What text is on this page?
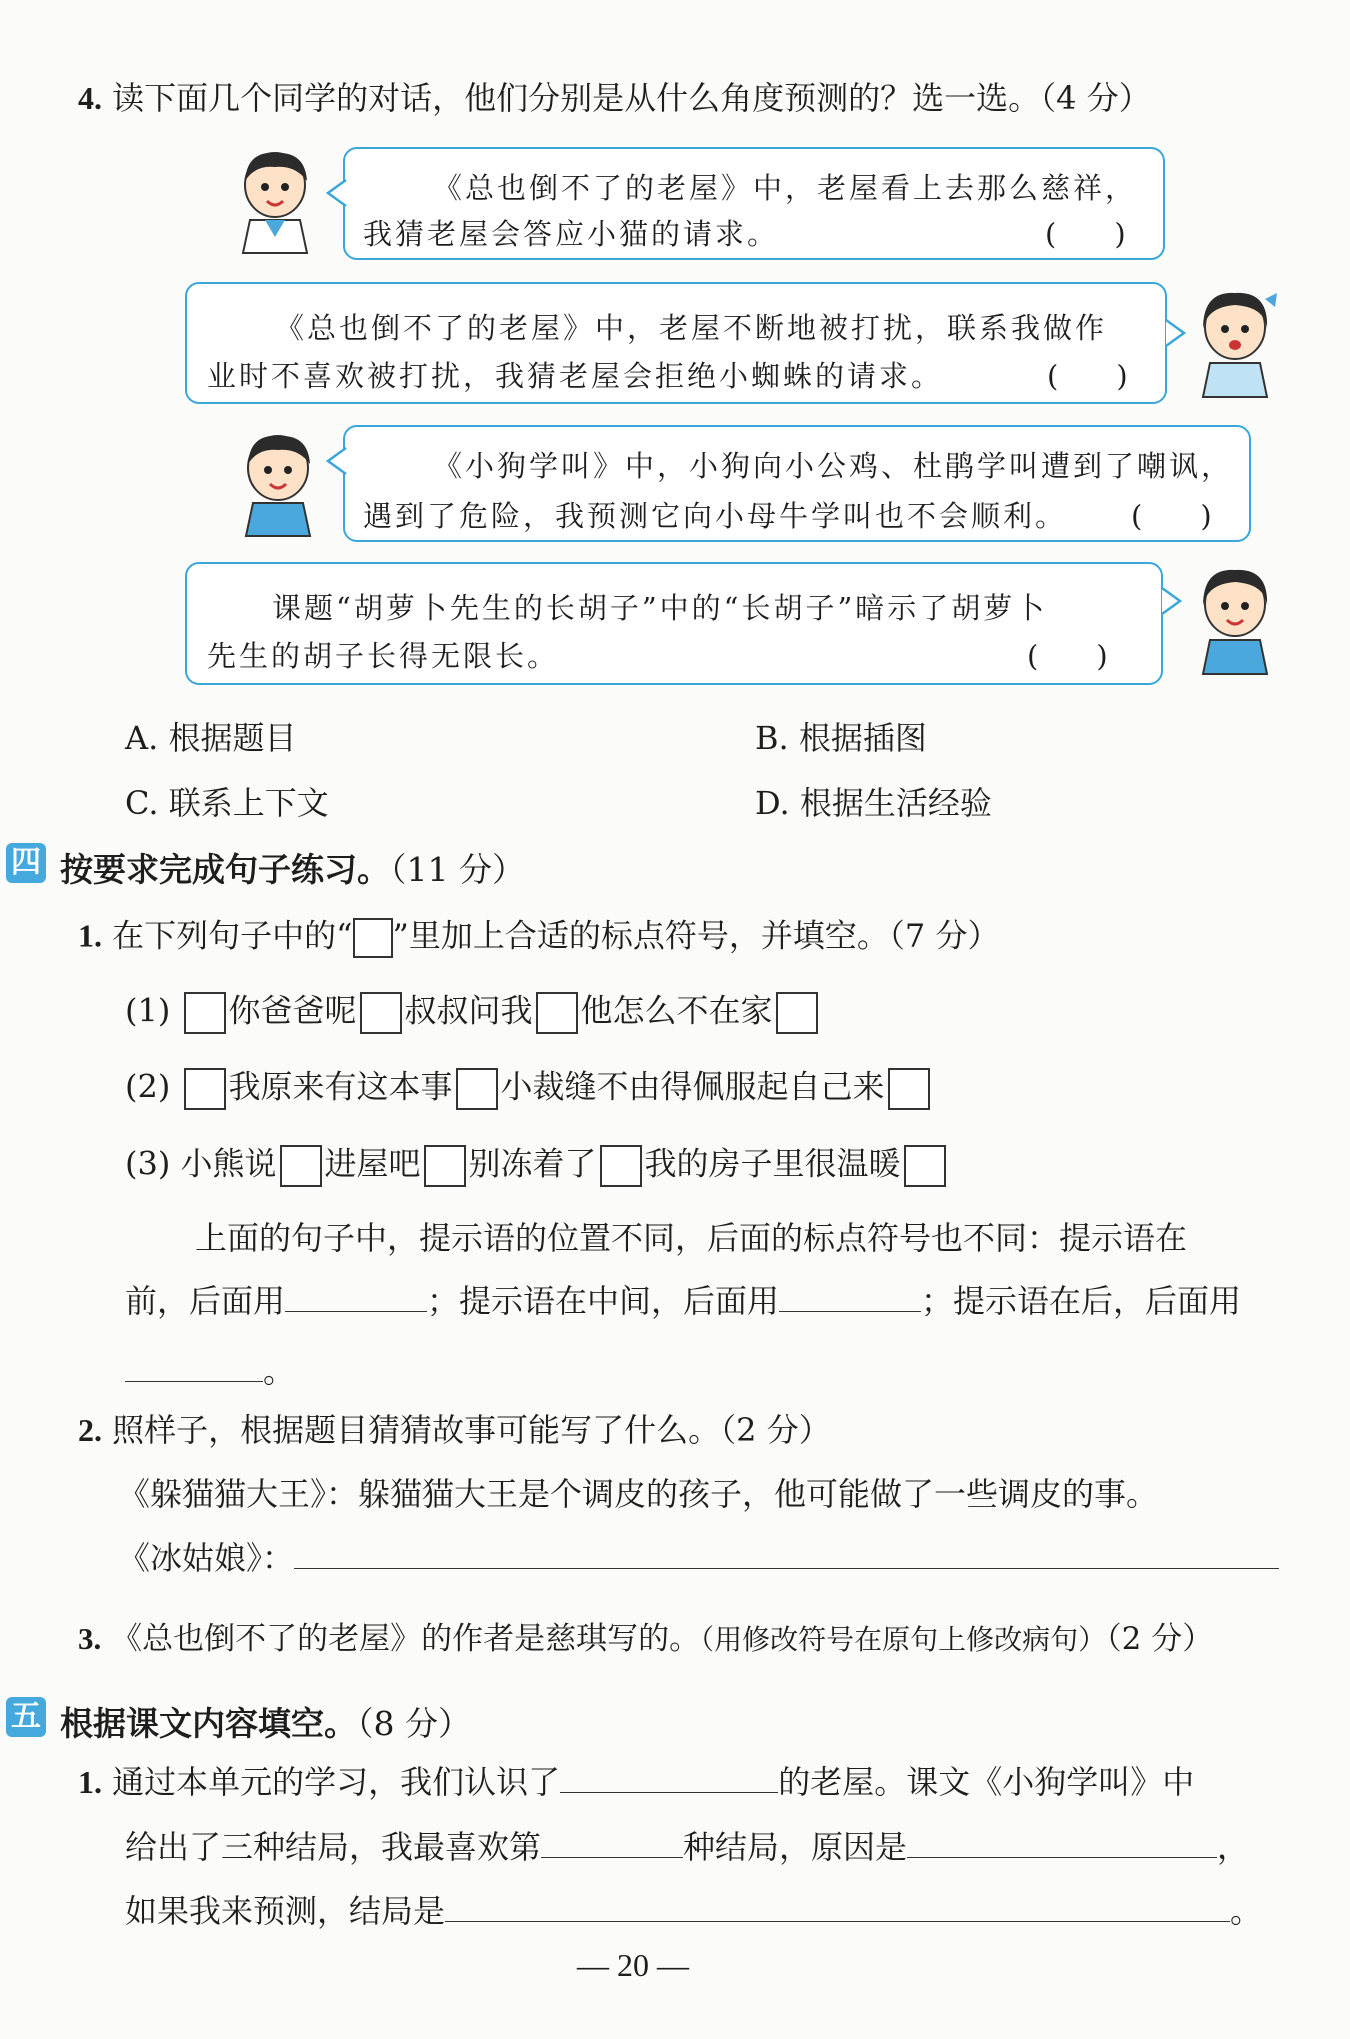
4. 读下面几个同学的对话，他们分别是从什么角度预测的？选一选。（4 分）
《总也倒不了的老屋》中，老屋看上去那么慈祥，
我猜老屋会答应小猫的请求。	(　　)
《总也倒不了的老屋》中，老屋不断地被打扰，联系我做作
业时不喜欢被打扰，我猜老屋会拒绝小蜘蛛的请求。	(　　)
《小狗学叫》中，小狗向小公鸡、杜鹃学叫遭到了嘲讽，
遇到了危险，我预测它向小母牛学叫也不会顺利。 (　　)
课题“胡萝卜先生的长胡子”中的“长胡子”暗示了胡萝卜
先生的胡子长得无限长。	(　　)
A. 根据题目	B. 根据插图
C. 联系上下文	D. 根据生活经验
四 按要求完成句子练习。（11 分）
1. 在下列句子中的“ ”里加上合适的标点符号，并填空。（7 分）
(1) 你爸爸呢 叔叔问我 他怎么不在家
(2) 我原来有这本事 小裁缝不由得佩服起自己来
(3) 小熊说 进屋吧 别冻着了 我的房子里很温暖
上面的句子中，提示语的位置不同，后面的标点符号也不同：提示语在
前，后面用	；提示语在中间，后面用	；提示语在后，后面用
。
2. 照样子，根据题目猜猜故事可能写了什么。（2 分）
《躲猫猫大王》：躲猫猫大王是个调皮的孩子，他可能做了一些调皮的事。
《冰姑娘》：
3. 《总也倒不了的老屋》的作者是慈琪写的。（用修改符号在原句上修改病句）（2 分）
五 根据课文内容填空。（8 分）
1. 通过本单元的学习，我们认识了	的老屋。课文《小狗学叫》中
给出了三种结局，我最喜欢第	种结局，原因是	，
如果我来预测，结局是	。
— 20 —
